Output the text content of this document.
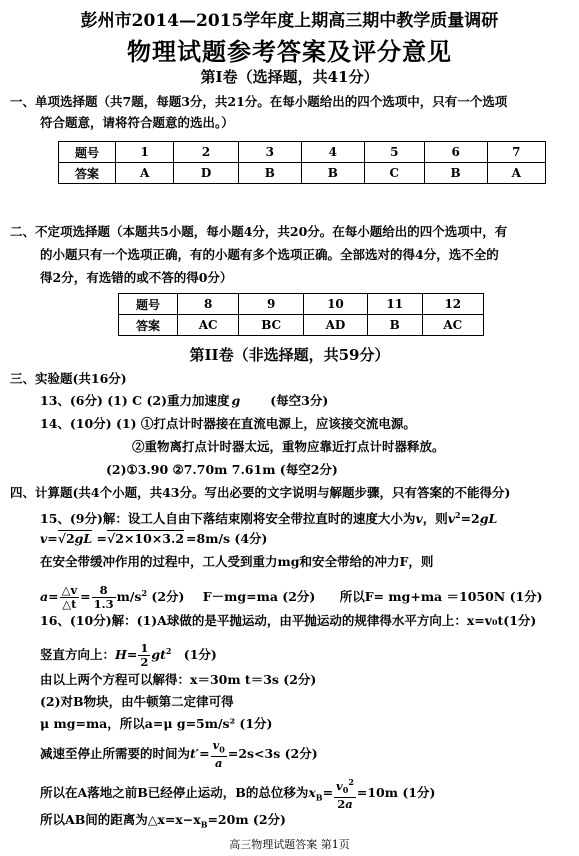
彭州市2014—2015学年度上期高三期中教学质量调研
物理试题参考答案及评分意见
第Ⅰ卷（选择题，共41分）
一、单项选择题（共7题，每题3分，共21分。在每小题给出的四个选项中，只有一个选项
符合题意，请将符合题意的选出。）
题号	1	2	3	4	5	6	7
答案	A	D	B	B	C	B	A
二、不定项选择题（本题共5小题，每小题4分，共20分。在每小题给出的四个选项中，有
的小题只有一个选项正确，有的小题有多个选项正确。全部选对的得4分，选不全的
得2分，有选错的或不答的得0分）
题号	8	9	10	11	12
答案	AC	BC	AD	B	AC
第II卷（非选择题，共59分）
三、实验题(共16分)
13、(6分) (1) C (2)重力加速度 g (每空3分)
14、(10分) (1) ①打点计时器接在直流电源上，应该接交流电源。
②重物离打点计时器太远，重物应靠近打点计时器释放。
(2)①3.90 ②7.70m 7.61m (每空2分)
四、计算题(共4个小题，共43分。写出必要的文字说明与解题步骤，只有答案的不能得分)
15、(9分)解：设工人自由下落结束刚将安全带拉直时的速度大小为v，则$v^2=2gL$
v=√2gL =√2×10×3.2 =8m/s (4分)
在安全带缓冲作用的过程中，工人受到重力mg和安全带给的冲力F，则
$a= \frac{\triangle v}{\triangle t} = \frac{8}{1.3} m/s^2$ (2分) F－mg=ma (2分) 所以F= mg+ma ＝1050N (1分)
16、(10分)解：(1)A球做的是平抛运动，由平抛运动的规律得水平方向上：x=v₀t(1分)
竖直方向上：$H= \frac{1}{2} gt^2$ (1分)
由以上两个方程可以解得：x＝30m t＝3s (2分)
(2)对B物块，由牛顿第二定律可得
μ mg=ma，所以a=μ g=5m/s² (1分)
减速至停止所需要的时间为$t'= \frac{v_0}{a} =2s<3s$ (2分)
所以在A落地之前B已经停止运动，B的总位移为$x_B= \frac{v_0^2}{2a} =10m$ (1分)
所以AB间的距离为$\triangle x=x-x_B=20m$ (2分)
高三物理试题答案 第1页
